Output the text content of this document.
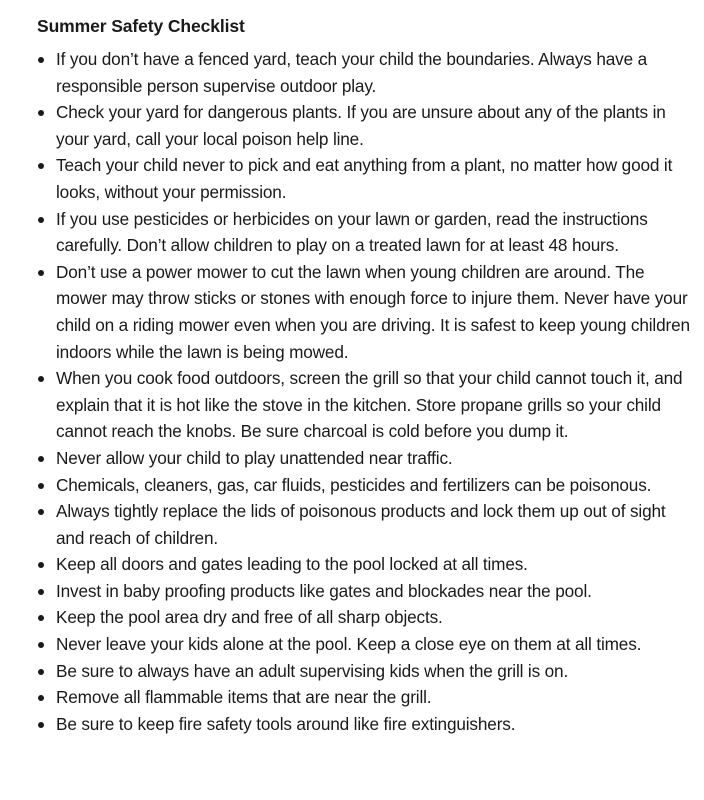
Summer Safety Checklist
If you don’t have a fenced yard, teach your child the boundaries. Always have a responsible person supervise outdoor play.
Check your yard for dangerous plants. If you are unsure about any of the plants in your yard, call your local poison help line.
Teach your child never to pick and eat anything from a plant, no matter how good it looks, without your permission.
If you use pesticides or herbicides on your lawn or garden, read the instructions carefully. Don’t allow children to play on a treated lawn for at least 48 hours.
Don’t use a power mower to cut the lawn when young children are around. The mower may throw sticks or stones with enough force to injure them. Never have your child on a riding mower even when you are driving. It is safest to keep young children indoors while the lawn is being mowed.
When you cook food outdoors, screen the grill so that your child cannot touch it, and explain that it is hot like the stove in the kitchen. Store propane grills so your child cannot reach the knobs. Be sure charcoal is cold before you dump it.
Never allow your child to play unattended near traffic.
Chemicals, cleaners, gas, car fluids, pesticides and fertilizers can be poisonous.
Always tightly replace the lids of poisonous products and lock them up out of sight and reach of children.
Keep all doors and gates leading to the pool locked at all times.
Invest in baby proofing products like gates and blockades near the pool.
Keep the pool area dry and free of all sharp objects.
Never leave your kids alone at the pool. Keep a close eye on them at all times.
Be sure to always have an adult supervising kids when the grill is on.
Remove all flammable items that are near the grill.
Be sure to keep fire safety tools around like fire extinguishers.
